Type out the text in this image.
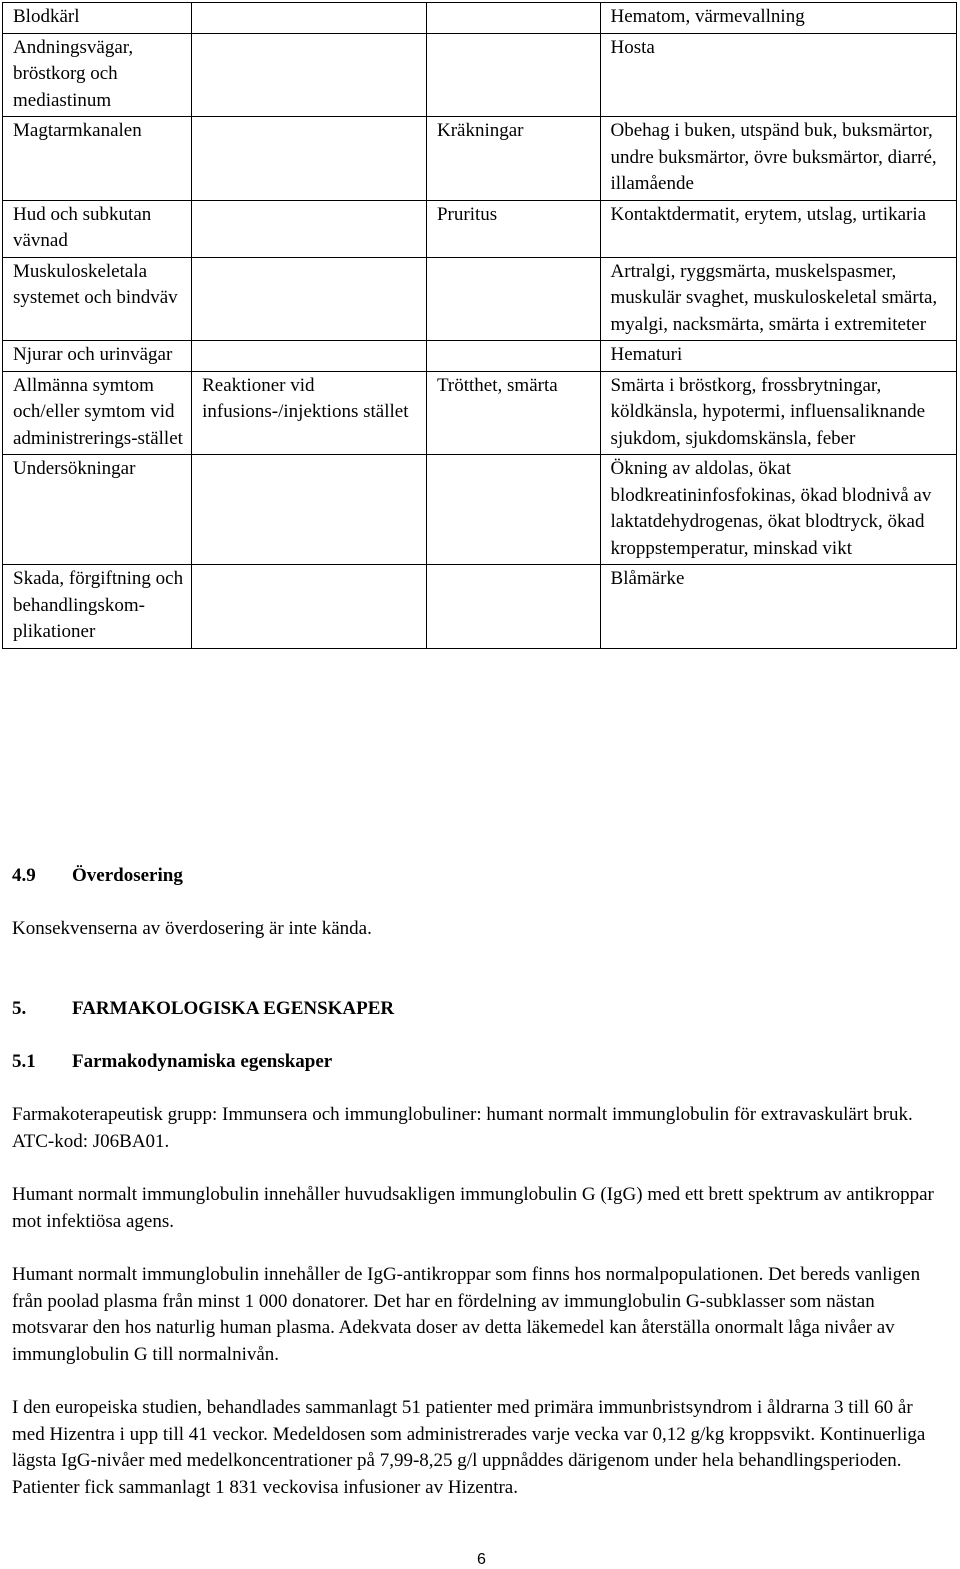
Blodkärl			Hematom, värmevallning
Andningsvägar, bröstkorg och mediastinum			Hosta
Magtarmkanalen		Kräkningar	Obehag i buken, utspänd buk, buksmärtor, undre buksmärtor, övre buksmärtor, diarré, illamående
Hud och subkutan vävnad		Pruritus	Kontaktdermatit, erytem, utslag, urtikaria
Muskuloskeletala systemet och bindväv			Artralgi, ryggsmärta, muskelspasmer, muskulär svaghet, muskuloskeletal smärta, myalgi, nacksmärta, smärta i extremiteter
Njurar och urinvägar			Hematuri
Allmänna symtom och/eller symtom vid administrerings-stället	Reaktioner vid infusions-/injektions stället	Trötthet, smärta	Smärta i bröstkorg, frossbrytningar, köldkänsla, hypotermi, influensaliknande sjukdom, sjukdomskänsla, feber
Undersökningar			Ökning av aldolas, ökat blodkreatininfosfokinas, ökad blodnivå av laktatdehydrogenas, ökat blodtryck, ökad kroppstemperatur, minskad vikt
Skada, förgiftning och behandlingskom-plikationer			Blåmärke
4.9 Överdosering
Konsekvenserna av överdosering är inte kända.
5. FARMAKOLOGISKA EGENSKAPER
5.1 Farmakodynamiska egenskaper
Farmakoterapeutisk grupp: Immunsera och immunglobuliner: humant normalt immunglobulin för extravaskulärt bruk. ATC-kod: J06BA01.
Humant normalt immunglobulin innehåller huvudsakligen immunglobulin G (IgG) med ett brett spektrum av antikroppar mot infektiösa agens.
Humant normalt immunglobulin innehåller de IgG-antikroppar som finns hos normalpopulationen. Det bereds vanligen från poolad plasma från minst 1 000 donatorer. Det har en fördelning av immunglobulin G-subklasser som nästan motsvarar den hos naturlig human plasma. Adekvata doser av detta läkemedel kan återställa onormalt låga nivåer av immunglobulin G till normalnivån.
I den europeiska studien, behandlades sammanlagt 51 patienter med primära immunbristsyndrom i åldrarna 3 till 60 år med Hizentra i upp till 41 veckor. Medeldosen som administrerades varje vecka var 0,12 g/kg kroppsvikt. Kontinuerliga lägsta IgG-nivåer med medelkoncentrationer på 7,99-8,25 g/l uppnåddes därigenom under hela behandlingsperioden. Patienter fick sammanlagt 1 831 veckovisa infusioner av Hizentra.
6
